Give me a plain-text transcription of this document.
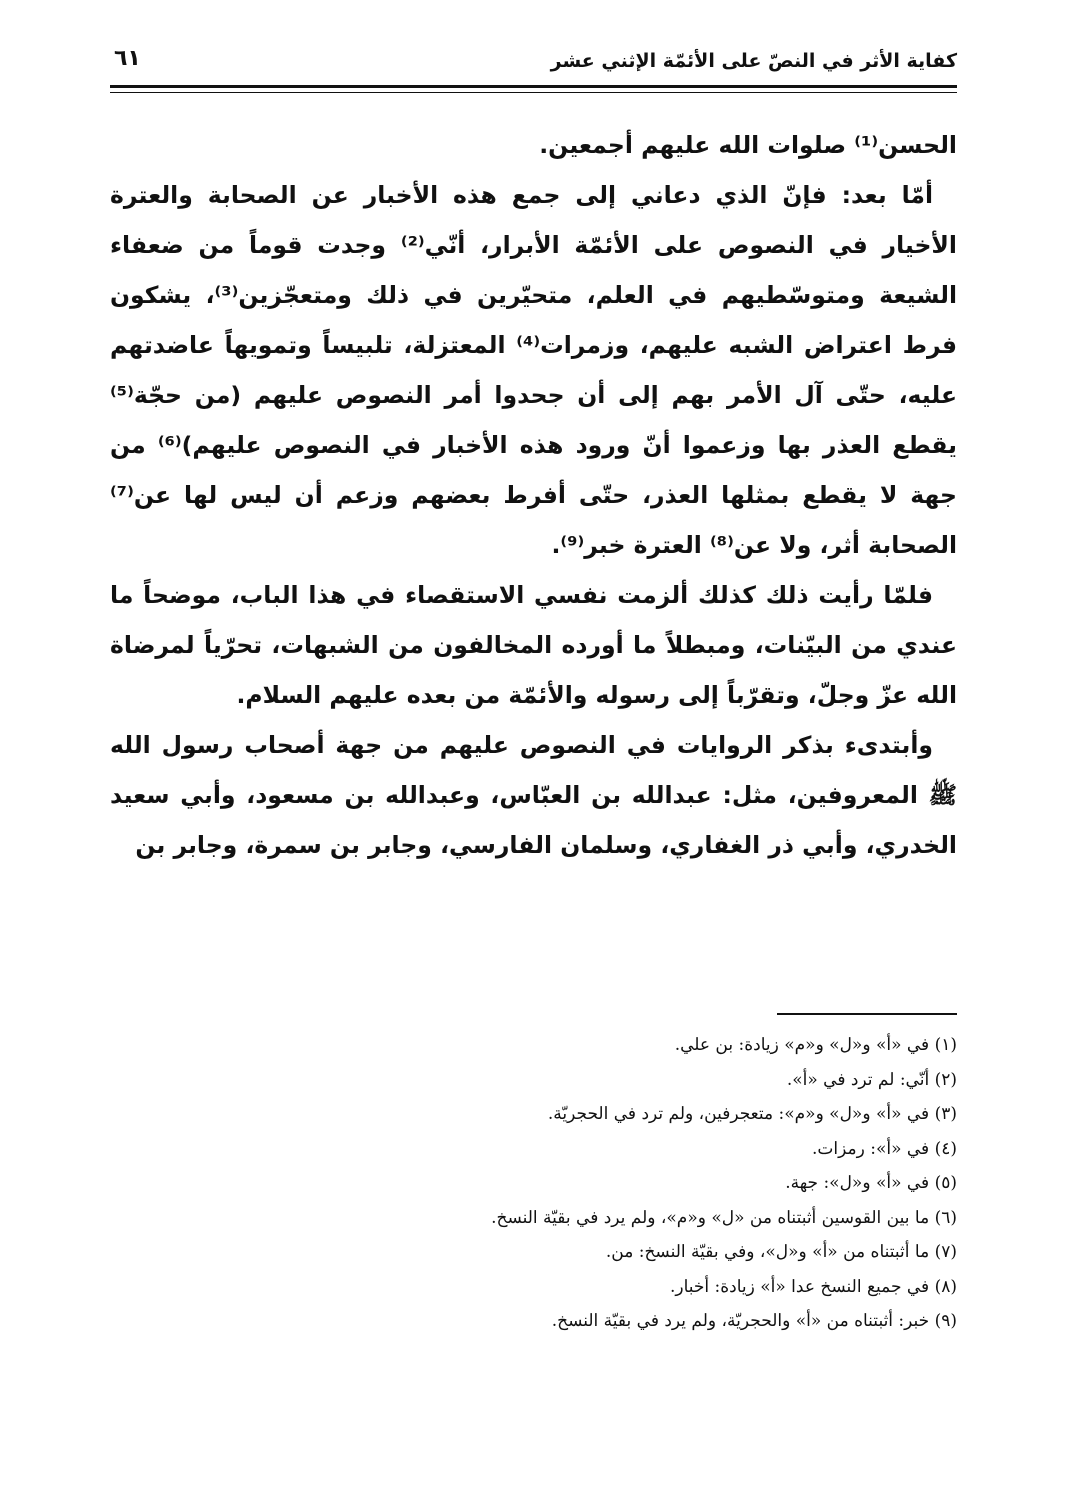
كفاية الأثر في النصّ على الأئمّة الإثني عشر
٦١

الحسن⁽¹⁾ صلوات الله عليهم أجمعين.

أمّا بعد: فإنّ الذي دعاني إلى جمع هذه الأخبار عن الصحابة والعترة الأخيار في النصوص على الأئمّة الأبرار، أنّي⁽²⁾ وجدت قوماً من ضعفاء الشيعة ومتوسّطيهم في العلم، متحيّرين في ذلك ومتعجّزين⁽³⁾، يشكون فرط اعتراض الشبه عليهم، وزمرات⁽⁴⁾ المعتزلة، تلبيساً وتمويهاً عاضدتهم عليه، حتّى آل الأمر بهم إلى أن جحدوا أمر النصوص عليهم (من حجّة⁽⁵⁾ يقطع العذر بها وزعموا أنّ ورود هذه الأخبار في النصوص عليهم)⁽⁶⁾ من جهة لا يقطع بمثلها العذر، حتّى أفرط بعضهم وزعم أن ليس لها عن⁽⁷⁾ الصحابة أثر، ولا عن⁽⁸⁾ العترة خبر⁽⁹⁾.

فلمّا رأيت ذلك كذلك ألزمت نفسي الاستقصاء في هذا الباب، موضحاً ما عندي من البيّنات، ومبطلاً ما أورده المخالفون من الشبهات، تحرّياً لمرضاة الله عزّ وجلّ، وتقرّباً إلى رسوله والأئمّة من بعده عليهم السلام.

وأبتدىء بذكر الروايات في النصوص عليهم من جهة أصحاب رسول الله ﷺ المعروفين، مثل: عبدالله بن العبّاس، وعبدالله بن مسعود، وأبي سعيد الخدري، وأبي ذر الغفاري، وسلمان الفارسي، وجابر بن سمرة، وجابر بن

(١) في «أ» و«ل» و«م» زيادة: بن علي.
(٢) أنّي: لم ترد في «أ».
(٣) في «أ» و«ل» و«م»: متعجرفين، ولم ترد في الحجريّة.
(٤) في «أ»: رمزات.
(٥) في «أ» و«ل»: جهة.
(٦) ما بين القوسين أثبتناه من «ل» و«م»، ولم يرد في بقيّة النسخ.
(٧) ما أثبتناه من «أ» و«ل»، وفي بقيّة النسخ: من.
(٨) في جميع النسخ عدا «أ» زيادة: أخبار.
(٩) خبر: أثبتناه من «أ» والحجريّة، ولم يرد في بقيّة النسخ.
